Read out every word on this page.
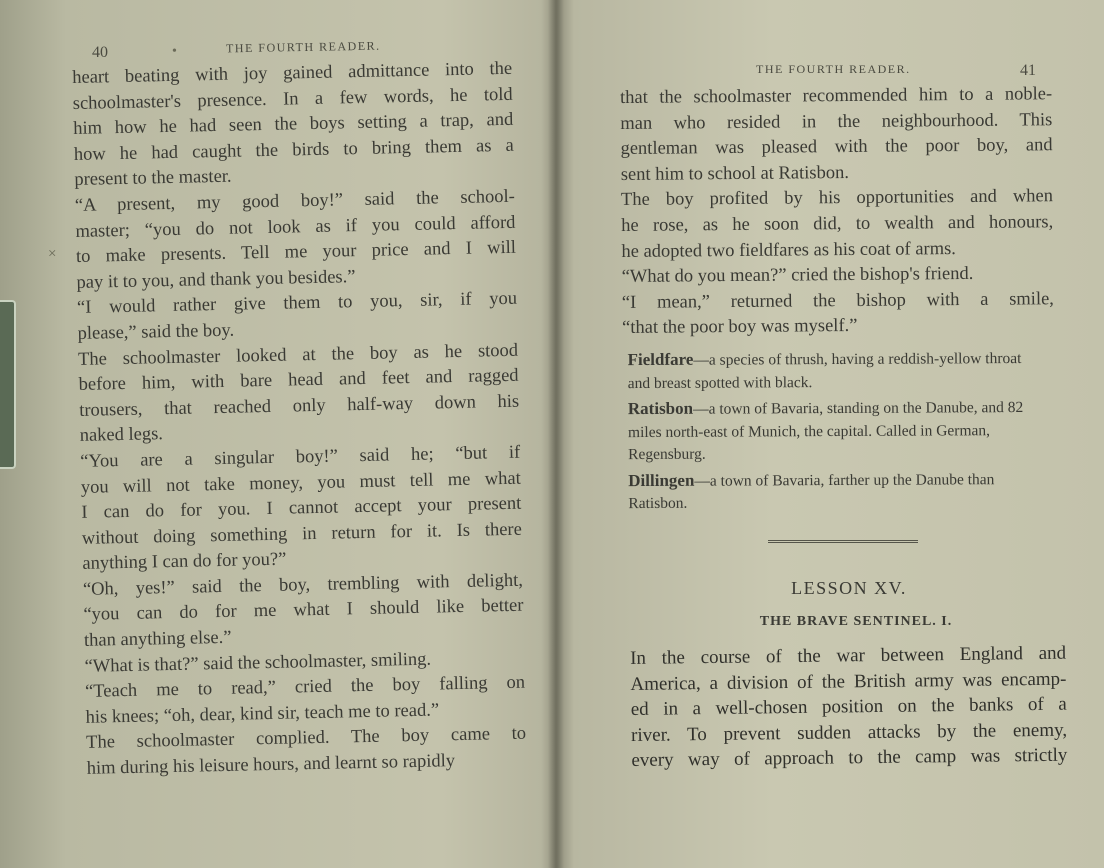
40	•	THE FOURTH READER.
×
heart beating with joy gained admittance into the
schoolmaster's presence. In a few words, he told
him how he had seen the boys setting a trap, and
how he had caught the birds to bring them as a
present to the master.
“A present, my good boy!” said the school-
master; “you do not look as if you could afford
to make presents. Tell me your price and I will
pay it to you, and thank you besides.”
“I would rather give them to you, sir, if you
please,” said the boy.
The schoolmaster looked at the boy as he stood
before him, with bare head and feet and ragged
trousers, that reached only half-way down his
naked legs.
“You are a singular boy!” said he; “but if
you will not take money, you must tell me what
I can do for you. I cannot accept your present
without doing something in return for it. Is there
anything I can do for you?”
“Oh, yes!” said the boy, trembling with delight,
“you can do for me what I should like better
than anything else.”
“What is that?” said the schoolmaster, smiling.
“Teach me to read,” cried the boy falling on
his knees; “oh, dear, kind sir, teach me to read.”
The schoolmaster complied. The boy came to
him during his leisure hours, and learnt so rapidly
THE FOURTH READER.	41
that the schoolmaster recommended him to a noble-
man who resided in the neighbourhood. This
gentleman was pleased with the poor boy, and
sent him to school at Ratisbon.
The boy profited by his opportunities and when
he rose, as he soon did, to wealth and honours,
he adopted two fieldfares as his coat of arms.
“What do you mean?” cried the bishop's friend.
“I mean,” returned the bishop with a smile,
“that the poor boy was myself.”
Fieldfare—a species of thrush, having a reddish-yellow throat and breast spotted with black.
Ratisbon—a town of Bavaria, standing on the Danube, and 82 miles north-east of Munich, the capital. Called in German, Regensburg.
Dillingen—a town of Bavaria, farther up the Danube than Ratisbon.
LESSON XV.
THE BRAVE SENTINEL. I.
In the course of the war between England and
America, a division of the British army was encamp-
ed in a well-chosen position on the banks of a
river. To prevent sudden attacks by the enemy,
every way of approach to the camp was strictly
